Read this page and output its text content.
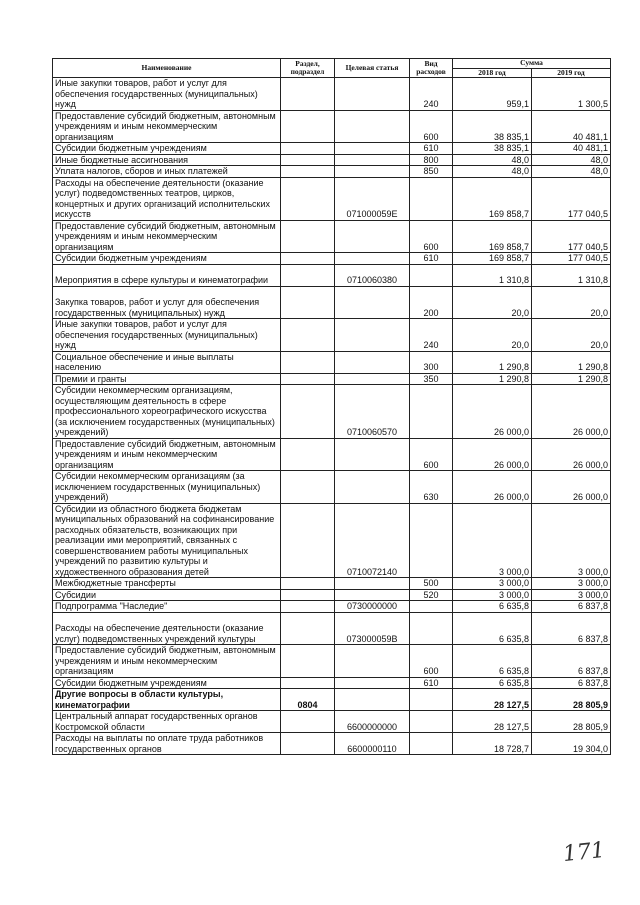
Наименование	Раздел, подраздел	Целевая статья	Вид расходов	Сумма	
				2018 год	2019 год
Иные закупки товаров, работ и услуг для обеспечения государственных (муниципальных) нужд			240	959,1	1 300,5
Предоставление субсидий бюджетным, автономным учреждениям и иным некоммерческим организациям			600	38 835,1	40 481,1
Субсидии бюджетным учреждениям			610	38 835,1	40 481,1
Иные бюджетные ассигнования			800	48,0	48,0
Уплата налогов, сборов и иных платежей			850	48,0	48,0
Расходы на обеспечение деятельности (оказание услуг) подведомственных театров, цирков, концертных и других организаций исполнительских искусств		071000059Е		169 858,7	177 040,5
Предоставление субсидий бюджетным, автономным учреждениям и иным некоммерческим организациям			600	169 858,7	177 040,5
Субсидии бюджетным учреждениям			610	169 858,7	177 040,5
Мероприятия в сфере культуры и кинематографии		0710060380		1 310,8	1 310,8
Закупка товаров, работ и услуг для обеспечения государственных (муниципальных) нужд			200	20,0	20,0
Иные закупки товаров, работ и услуг для обеспечения государственных (муниципальных) нужд			240	20,0	20,0
Социальное обеспечение и иные выплаты населению			300	1 290,8	1 290,8
Премии и гранты			350	1 290,8	1 290,8
Субсидии некоммерческим организациям, осуществляющим деятельность в сфере профессионального хореографического искусства (за исключением государственных (муниципальных) учреждений)		0710060570		26 000,0	26 000,0
Предоставление субсидий бюджетным, автономным учреждениям и иным некоммерческим организациям			600	26 000,0	26 000,0
Субсидии некоммерческим организациям (за исключением государственных (муниципальных) учреждений)			630	26 000,0	26 000,0
Субсидии из областного бюджета бюджетам муниципальных образований на софинансирование расходных обязательств, возникающих при реализации ими мероприятий, связанных с совершенствованием работы муниципальных учреждений по развитию культуры и художественного образования детей		0710072140		3 000,0	3 000,0
Межбюджетные трансферты			500	3 000,0	3 000,0
Субсидии			520	3 000,0	3 000,0
Подпрограмма "Наследие"		0730000000		6 635,8	6 837,8
Расходы на обеспечение деятельности (оказание услуг) подведомственных учреждений культуры		073000059В		6 635,8	6 837,8
Предоставление субсидий бюджетным, автономным учреждениям и иным некоммерческим организациям			600	6 635,8	6 837,8
Субсидии бюджетным учреждениям			610	6 635,8	6 837,8
Другие вопросы в области культуры, кинематографии	0804			28 127,5	28 805,9
Центральный аппарат государственных органов Костромской области		6600000000		28 127,5	28 805,9
Расходы на выплаты по оплате труда работников государственных органов		6600000110		18 728,7	19 304,0
171
